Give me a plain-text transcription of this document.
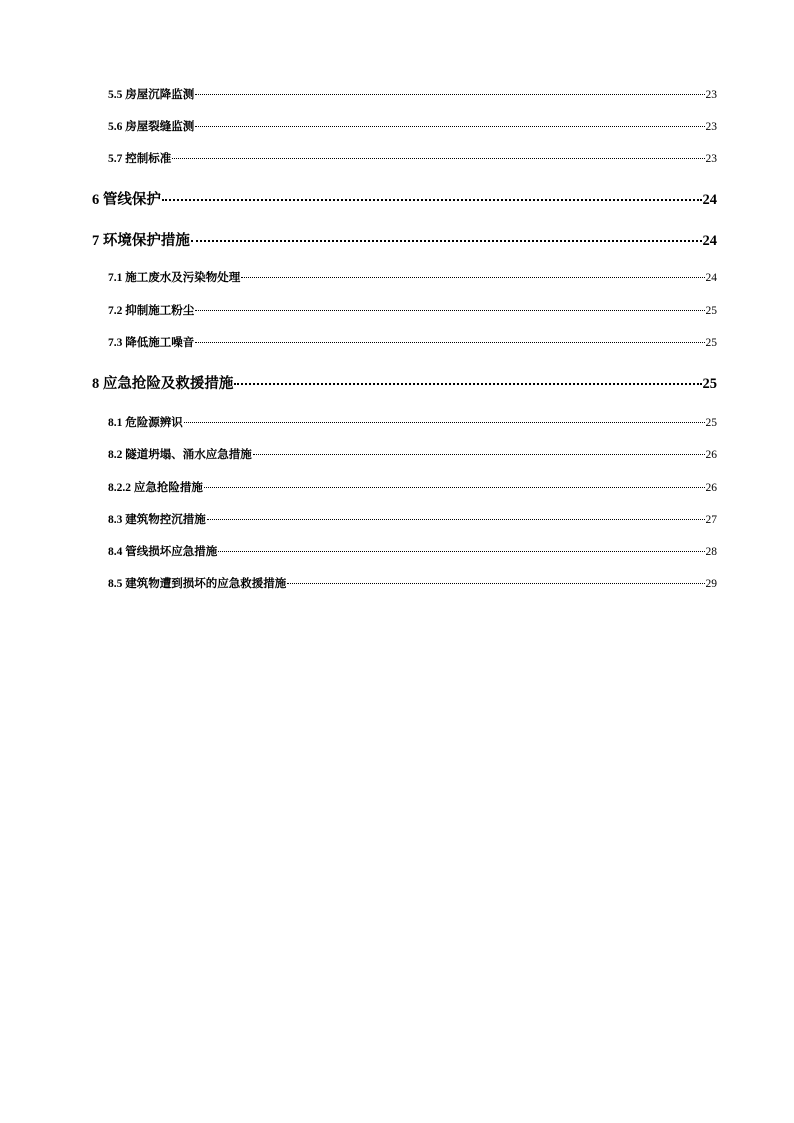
5.5 房屋沉降监测	23
5.6 房屋裂缝监测	23
5.7 控制标准	23
6 管线保护	24
7 环境保护措施	24
7.1 施工废水及污染物处理	24
7.2 抑制施工粉尘	25
7.3 降低施工噪音	25
8 应急抢险及救援措施	25
8.1 危险源辨识	25
8.2 隧道坍塌、涌水应急措施	26
8.2.2 应急抢险措施	26
8.3 建筑物控沉措施	27
8.4 管线损坏应急措施	28
8.5 建筑物遭到损坏的应急救援措施	29
